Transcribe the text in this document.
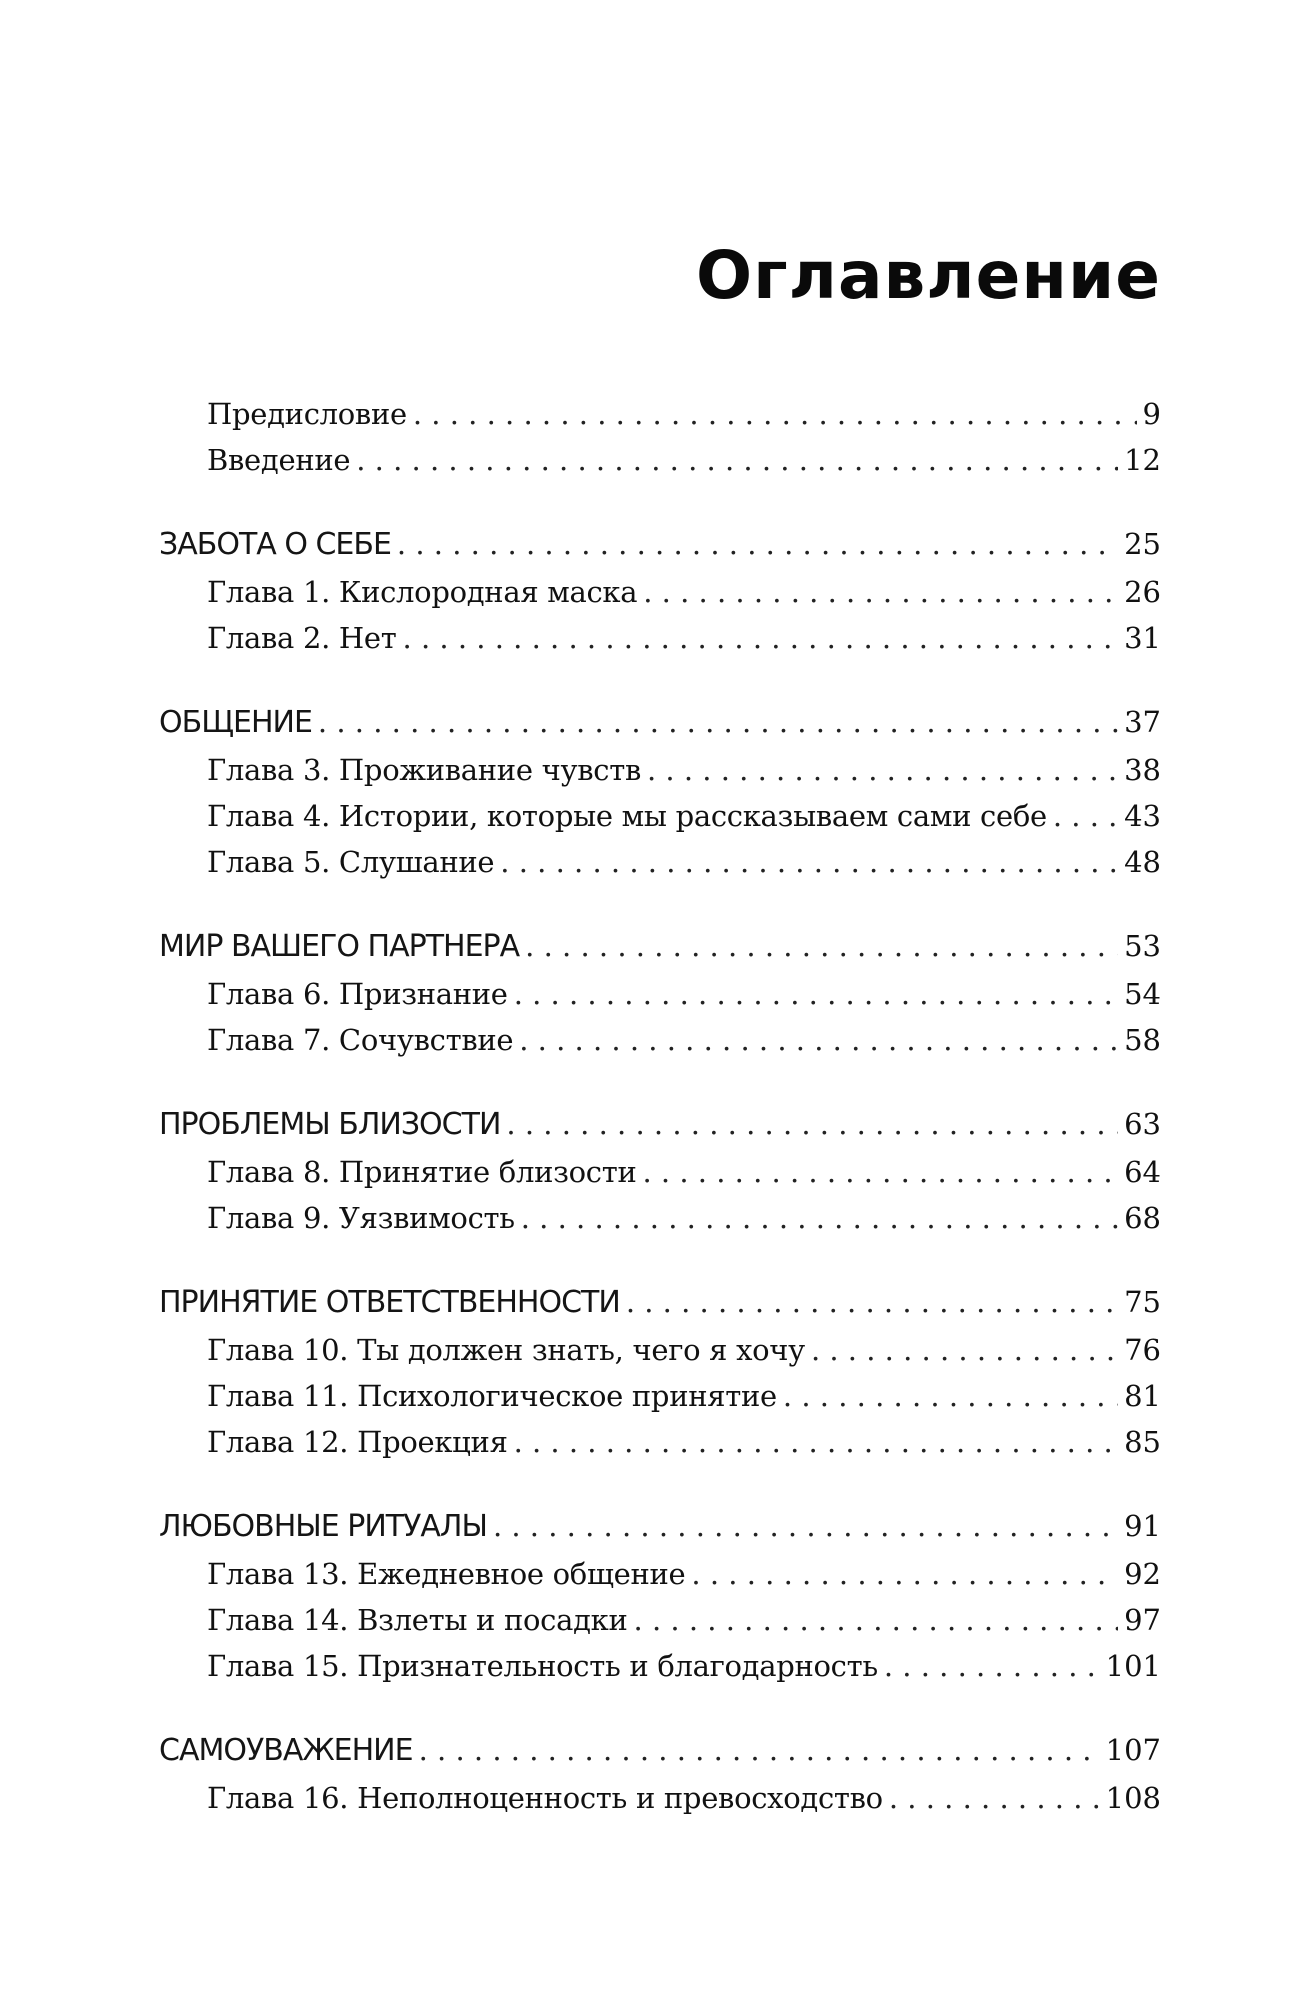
Оглавление
Предисловие . . .	9
Введение . . .	12
ЗАБОТА О СЕБЕ . . .	25
Глава 1. Кислородная маска . . .	26
Глава 2. Нет . . .	31
ОБЩЕНИЕ . . .	37
Глава 3. Проживание чувств . . .	38
Глава 4. Истории, которые мы рассказываем сами себе . . .	43
Глава 5. Слушание . . .	48
МИР ВАШЕГО ПАРТНЕРА . . .	53
Глава 6. Признание . . .	54
Глава 7. Сочувствие . . .	58
ПРОБЛЕМЫ БЛИЗОСТИ . . .	63
Глава 8. Принятие близости . . .	64
Глава 9. Уязвимость . . .	68
ПРИНЯТИЕ ОТВЕТСТВЕННОСТИ . . .	75
Глава 10. Ты должен знать, чего я хочу . . .	76
Глава 11. Психологическое принятие . . .	81
Глава 12. Проекция . . .	85
ЛЮБОВНЫЕ РИТУАЛЫ . . .	91
Глава 13. Ежедневное общение . . .	92
Глава 14. Взлеты и посадки . . .	97
Глава 15. Признательность и благодарность . . .	101
САМОУВАЖЕНИЕ . . .	107
Глава 16. Неполноценность и превосходство . . .	108
